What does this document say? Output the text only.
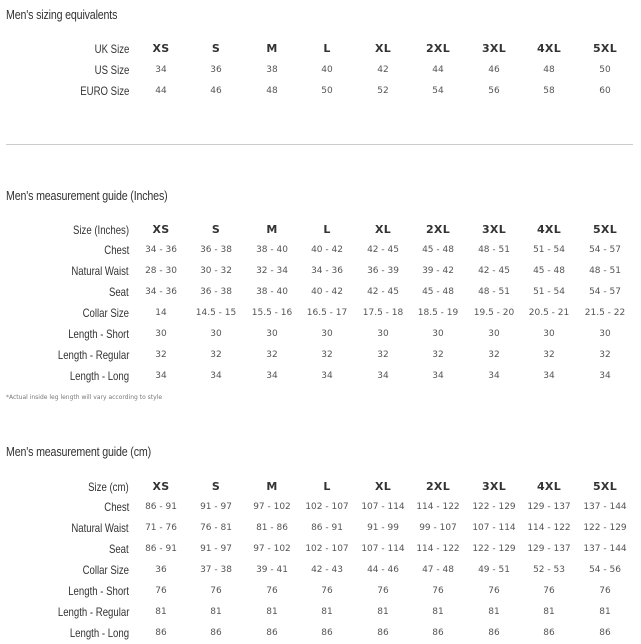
Men's sizing equivalents
UK Size	XS	S	M	L	XL	2XL	3XL	4XL	5XL
US Size	34	36	38	40	42	44	46	48	50
EURO Size	44	46	48	50	52	54	56	58	60
Men's measurement guide (Inches)
Size (Inches)	XS	S	M	L	XL	2XL	3XL	4XL	5XL
Chest	34 - 36	36 - 38	38 - 40	40 - 42	42 - 45	45 - 48	48 - 51	51 - 54	54 - 57
Natural Waist	28 - 30	30 - 32	32 - 34	34 - 36	36 - 39	39 - 42	42 - 45	45 - 48	48 - 51
Seat	34 - 36	36 - 38	38 - 40	40 - 42	42 - 45	45 - 48	48 - 51	51 - 54	54 - 57
Collar Size	14	14.5 - 15	15.5 - 16	16.5 - 17	17.5 - 18	18.5 - 19	19.5 - 20	20.5 - 21	21.5 - 22
Length - Short	30	30	30	30	30	30	30	30	30
Length - Regular	32	32	32	32	32	32	32	32	32
Length - Long	34	34	34	34	34	34	34	34	34
*Actual inside leg length will vary according to style
Men's measurement guide (cm)
Size (cm)	XS	S	M	L	XL	2XL	3XL	4XL	5XL
Chest	86 - 91	91 - 97	97 - 102	102 - 107	107 - 114	114 - 122	122 - 129	129 - 137	137 - 144
Natural Waist	71 - 76	76 - 81	81 - 86	86 - 91	91 - 99	99 - 107	107 - 114	114 - 122	122 - 129
Seat	86 - 91	91 - 97	97 - 102	102 - 107	107 - 114	114 - 122	122 - 129	129 - 137	137 - 144
Collar Size	36	37 - 38	39 - 41	42 - 43	44 - 46	47 - 48	49 - 51	52 - 53	54 - 56
Length - Short	76	76	76	76	76	76	76	76	76
Length - Regular	81	81	81	81	81	81	81	81	81
Length - Long	86	86	86	86	86	86	86	86	86
